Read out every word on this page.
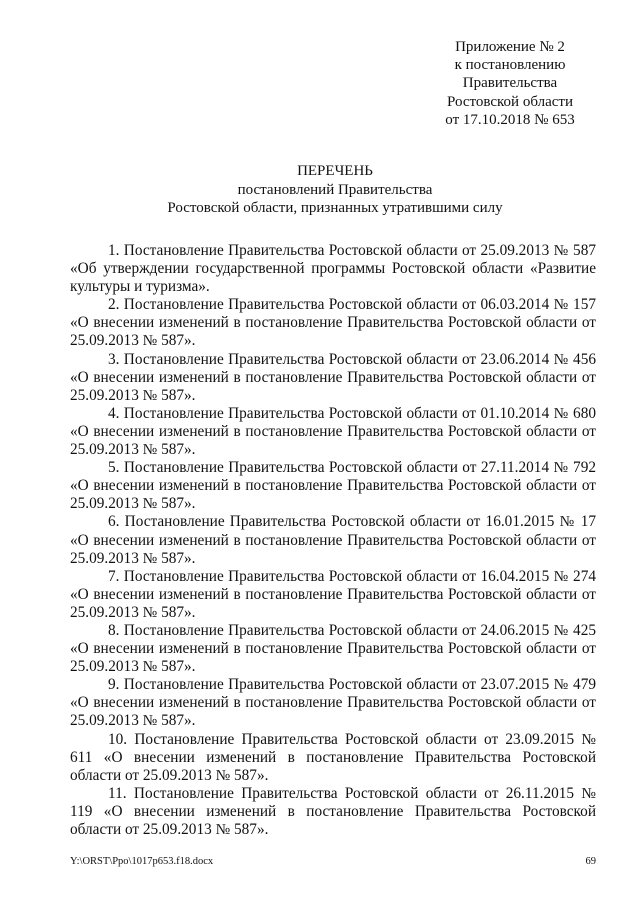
Приложение № 2
к постановлению
Правительства
Ростовской области
от 17.10.2018 № 653
ПЕРЕЧЕНЬ
постановлений Правительства
Ростовской области, признанных утратившими силу

1. Постановление Правительства Ростовской области от 25.09.2013 № 587 «Об утверждении государственной программы Ростовской области «Развитие культуры и туризма».

2. Постановление Правительства Ростовской области от 06.03.2014 № 157 «О внесении изменений в постановление Правительства Ростовской области от 25.09.2013 № 587».

3. Постановление Правительства Ростовской области от 23.06.2014 № 456 «О внесении изменений в постановление Правительства Ростовской области от 25.09.2013 № 587».

4. Постановление Правительства Ростовской области от 01.10.2014 № 680 «О внесении изменений в постановление Правительства Ростовской области от 25.09.2013 № 587».

5. Постановление Правительства Ростовской области от 27.11.2014 № 792 «О внесении изменений в постановление Правительства Ростовской области от 25.09.2013 № 587».

6. Постановление Правительства Ростовской области от 16.01.2015 № 17 «О внесении изменений в постановление Правительства Ростовской области от 25.09.2013 № 587».

7. Постановление Правительства Ростовской области от 16.04.2015 № 274 «О внесении изменений в постановление Правительства Ростовской области от 25.09.2013 № 587».

8. Постановление Правительства Ростовской области от 24.06.2015 № 425 «О внесении изменений в постановление Правительства Ростовской области от 25.09.2013 № 587».

9. Постановление Правительства Ростовской области от 23.07.2015 № 479 «О внесении изменений в постановление Правительства Ростовской области от 25.09.2013 № 587».

10. Постановление Правительства Ростовской области от 23.09.2015 № 611 «О внесении изменений в постановление Правительства Ростовской области от 25.09.2013 № 587».

11. Постановление Правительства Ростовской области от 26.11.2015 № 119 «О внесении изменений в постановление Правительства Ростовской области от 25.09.2013 № 587».

Y:\ORST\Ppo\1017p653.f18.docx	69
